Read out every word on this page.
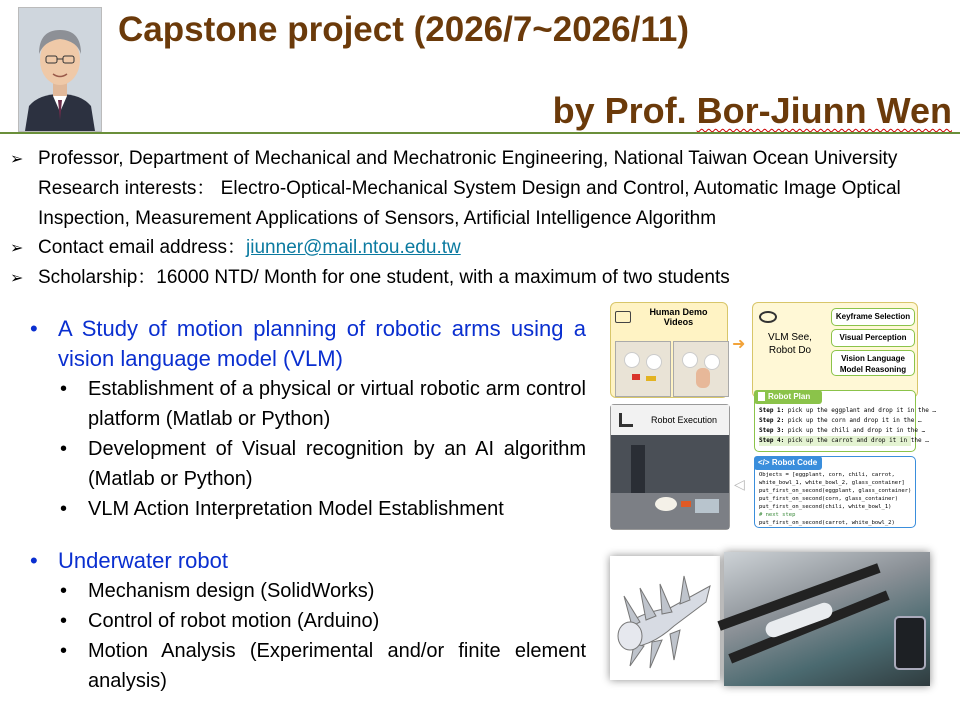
Capstone project (2026/7~2026/11)
by Prof. Bor-Jiunn Wen
➢ Professor, Department of Mechanical and Mechatronic Engineering, National Taiwan Ocean University
Research interests： Electro-Optical-Mechanical System Design and Control, Automatic Image Optical Inspection, Measurement Applications of Sensors, Artificial Intelligence Algorithm
➢ Contact email address：jiunner@mail.ntou.edu.tw
➢ Scholarship：16000 NTD/ Month for one student, with a maximum of two students
• A Study of motion planning of robotic arms using a vision language model (VLM)
•	Establishment of a physical or virtual robotic arm control platform (Matlab or Python)
•	Development of Visual recognition by an AI algorithm (Matlab or Python)
•	VLM Action Interpretation Model Establishment
• Underwater robot
•	Mechanism design (SolidWorks)
•	Control of robot motion (Arduino)
•	Motion Analysis (Experimental and/or finite element analysis)
Human Demo Videos
➜	VLM See, Robot Do
Keyframe Selection
Visual Perception
Vision Language Model Reasoning
Robot Execution
◁
Robot Plan
Step 1: pick up the eggplant and drop it in the …
Step 2: pick up the corn and drop it in the …
Step 3: pick up the chili and drop it in the …
Step 4: pick up the carrot and drop it in the …
</> Robot Code
Objects = [eggplant, corn, chili, carrot,
white_bowl_1, white_bowl_2, glass_container]
put_first_on_second(eggplant, glass_container)
put_first_on_second(corn, glass_container)
put_first_on_second(chili, white_bowl_1)
# next step
put_first_on_second(carrot, white_bowl_2)
